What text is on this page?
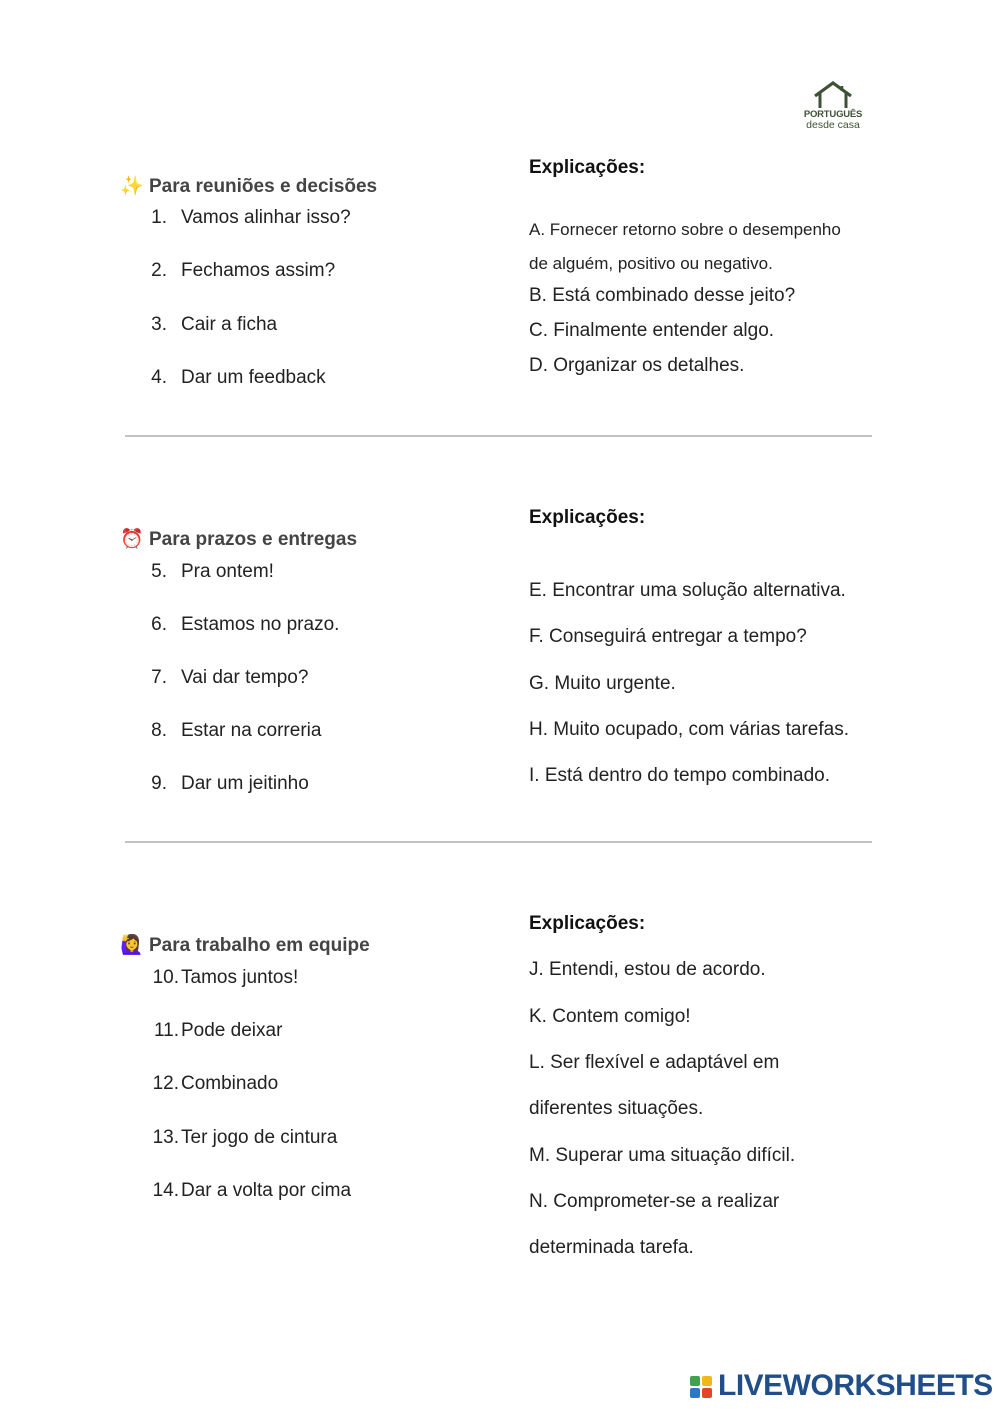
PORTUGUÊS
desde casa
✨ Para reuniões e decisões
1. Vamos alinhar isso?
2. Fechamos assim?
3. Cair a ficha
4. Dar um feedback
Explicações:
A. Fornecer retorno sobre o desempenho
de alguém, positivo ou negativo.
B. Está combinado desse jeito?
C. Finalmente entender algo.
D. Organizar os detalhes.
⏰ Para prazos e entregas
5. Pra ontem!
6. Estamos no prazo.
7. Vai dar tempo?
8. Estar na correria
9. Dar um jeitinho
Explicações:
E. Encontrar uma solução alternativa.
F. Conseguirá entregar a tempo?
G. Muito urgente.
H. Muito ocupado, com várias tarefas.
I. Está dentro do tempo combinado.
🙋‍♀️ Para trabalho em equipe
10. Tamos juntos!
11. Pode deixar
12. Combinado
13. Ter jogo de cintura
14. Dar a volta por cima
Explicações:
J. Entendi, estou de acordo.
K. Contem comigo!
L. Ser flexível e adaptável em
diferentes situações.
M. Superar uma situação difícil.
N. Comprometer-se a realizar
determinada tarefa.
LIVEWORKSHEETS
